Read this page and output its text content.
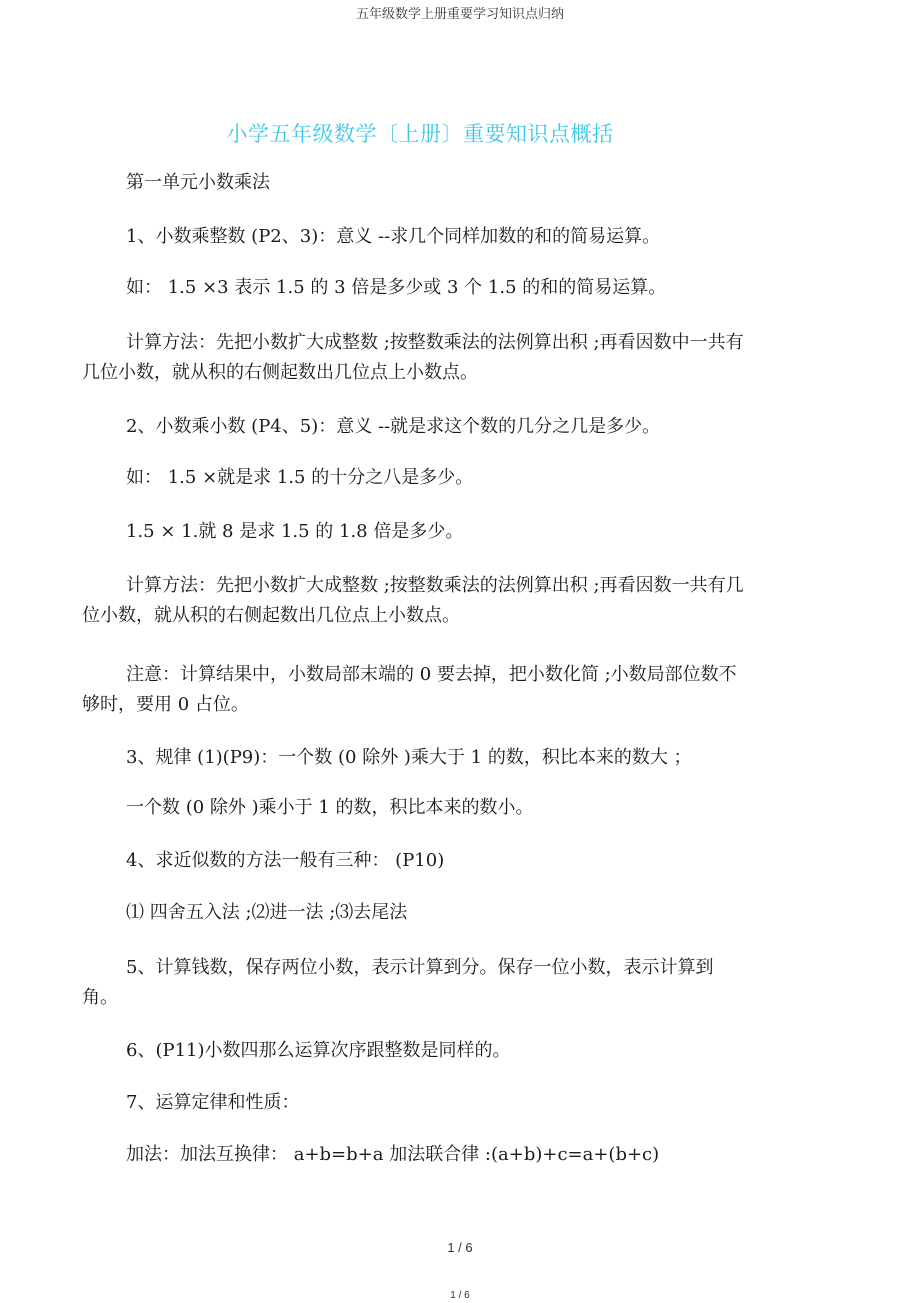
五年级数学上册重要学习知识点归纳
小学五年级数学〔上册〕重要知识点概括
第一单元小数乘法
1、小数乘整数 (P2、3)：意义 --求几个同样加数的和的简易运算。
如： 1.5 ×3 表示 1.5 的 3 倍是多少或 3 个 1.5 的和的简易运算。
计算方法：先把小数扩大成整数 ;按整数乘法的法例算出积 ;再看因数中一共有
几位小数，就从积的右侧起数出几位点上小数点。
2、小数乘小数 (P4、5)：意义 --就是求这个数的几分之几是多少。
如： 1.5 ×就是求 1.5 的十分之八是多少。
1.5 × 1.就 8 是求 1.5 的 1.8 倍是多少。
计算方法：先把小数扩大成整数 ;按整数乘法的法例算出积 ;再看因数一共有几
位小数，就从积的右侧起数出几位点上小数点。
注意：计算结果中，小数局部末端的 0 要去掉，把小数化简 ;小数局部位数不
够时，要用 0 占位。
3、规律 (1)(P9)：一个数 (0 除外 )乘大于 1 的数，积比本来的数大 ；
一个数 (0 除外 )乘小于 1 的数，积比本来的数小。
4、求近似数的方法一般有三种： (P10)
⑴ 四舍五入法 ;⑵进一法 ;⑶去尾法
5、计算钱数，保存两位小数，表示计算到分。保存一位小数，表示计算到
角。
6、(P11)小数四那么运算次序跟整数是同样的。
7、运算定律和性质：
加法：加法互换律： a+b=b+a 加法联合律 :(a+b)+c=a+(b+c)
1 / 6
1 / 6
